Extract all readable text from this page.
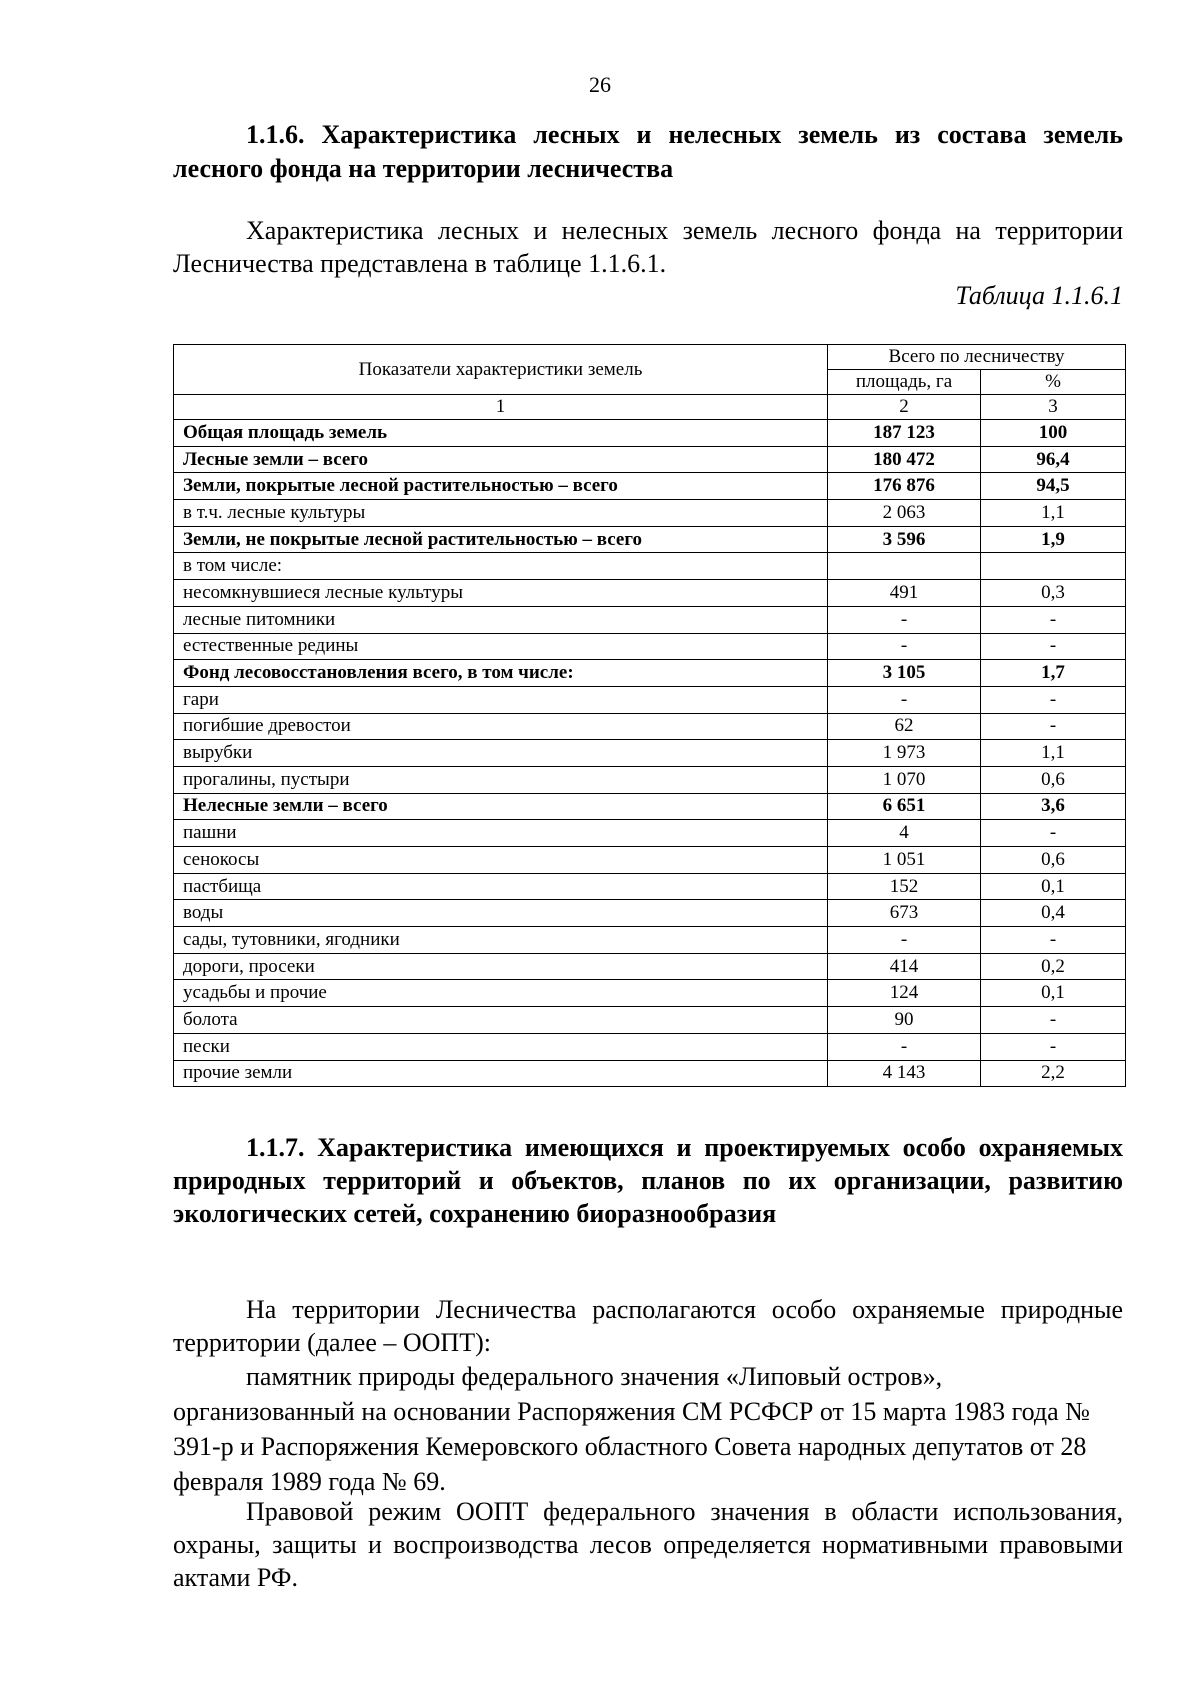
26
1.1.6. Характеристика лесных и нелесных земель из состава земель лесного фонда на территории лесничества
Характеристика лесных и нелесных земель лесного фонда на территории Лесничества представлена в таблице 1.1.6.1.
Таблица 1.1.6.1
Показатели характеристики земель	Всего по лесничеству	
	площадь, га	%
1	2	3
Общая площадь земель	187 123	100
Лесные земли – всего	180 472	96,4
Земли, покрытые лесной растительностью – всего	176 876	94,5
в т.ч. лесные культуры	2 063	1,1
Земли, не покрытые лесной растительностью – всего	3 596	1,9
в том числе:		
несомкнувшиеся лесные культуры	491	0,3
лесные питомники	-	-
естественные редины	-	-
Фонд лесовосстановления всего, в том числе:	3 105	1,7
гари	-	-
погибшие древостои	62	-
вырубки	1 973	1,1
прогалины, пустыри	1 070	0,6
Нелесные земли – всего	6 651	3,6
пашни	4	-
сенокосы	1 051	0,6
пастбища	152	0,1
воды	673	0,4
сады, тутовники, ягодники	-	-
дороги, просеки	414	0,2
усадьбы и прочие	124	0,1
болота	90	-
пески	-	-
прочие земли	4 143	2,2
1.1.7. Характеристика имеющихся и проектируемых особо охраняемых природных территорий и объектов, планов по их организации, развитию экологических сетей, сохранению биоразнообразия
На территории Лесничества располагаются особо охраняемые природные территории (далее – ООПТ):
памятник природы федерального значения «Липовый остров», организованный на основании Распоряжения СМ РСФСР от 15 марта 1983 года № 391-р и Распоряжения Кемеровского областного Совета народных депутатов от 28 февраля 1989 года № 69.
Правовой режим ООПТ федерального значения в области использования, охраны, защиты и воспроизводства лесов определяется нормативными правовыми актами РФ.
